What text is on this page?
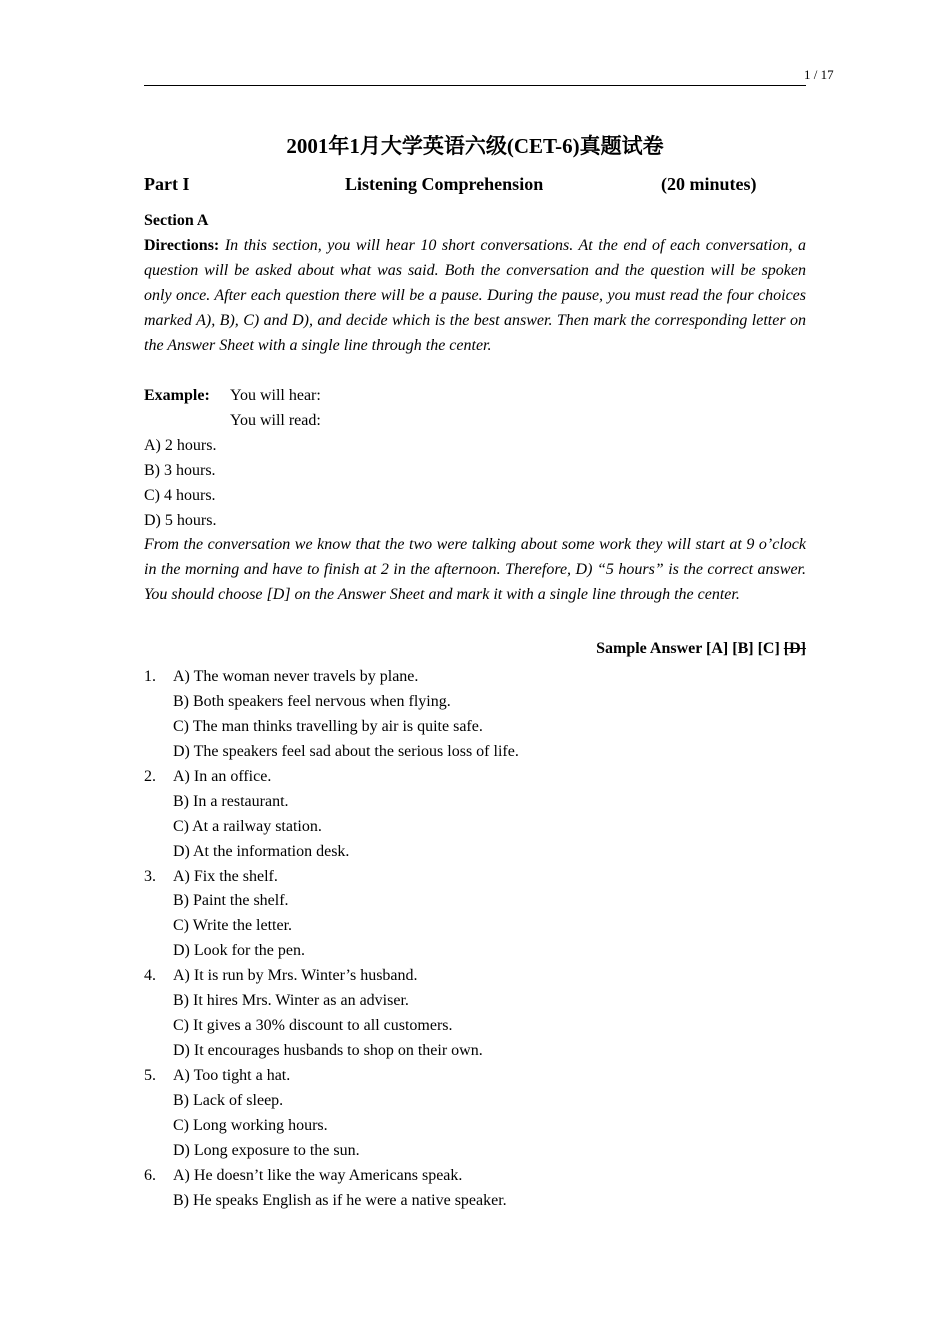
1 / 17
2001年1月大学英语六级(CET-6)真题试卷
Part I	Listening Comprehension	(20 minutes)
Section A
Directions: In this section, you will hear 10 short conversations. At the end of each conversation, a question will be asked about what was said. Both the conversation and the question will be spoken only once. After each question there will be a pause. During the pause, you must read the four choices marked A), B), C) and D), and decide which is the best answer. Then mark the corresponding letter on the Answer Sheet with a single line through the center.
Example: You will hear:
You will read:
A) 2 hours.
B) 3 hours.
C) 4 hours.
D) 5 hours.
From the conversation we know that the two were talking about some work they will start at 9 o’clock in the morning and have to finish at 2 in the afternoon. Therefore, D) “5 hours” is the correct answer. You should choose [D] on the Answer Sheet and mark it with a single line through the center.
Sample Answer [A] [B] [C] [D]
1. A) The woman never travels by plane.
B) Both speakers feel nervous when flying.
C) The man thinks travelling by air is quite safe.
D) The speakers feel sad about the serious loss of life.
2. A) In an office.
B) In a restaurant.
C) At a railway station.
D) At the information desk.
3. A) Fix the shelf.
B) Paint the shelf.
C) Write the letter.
D) Look for the pen.
4. A) It is run by Mrs. Winter’s husband.
B) It hires Mrs. Winter as an adviser.
C) It gives a 30% discount to all customers.
D) It encourages husbands to shop on their own.
5. A) Too tight a hat.
B) Lack of sleep.
C) Long working hours.
D) Long exposure to the sun.
6. A) He doesn’t like the way Americans speak.
B) He speaks English as if he were a native speaker.
